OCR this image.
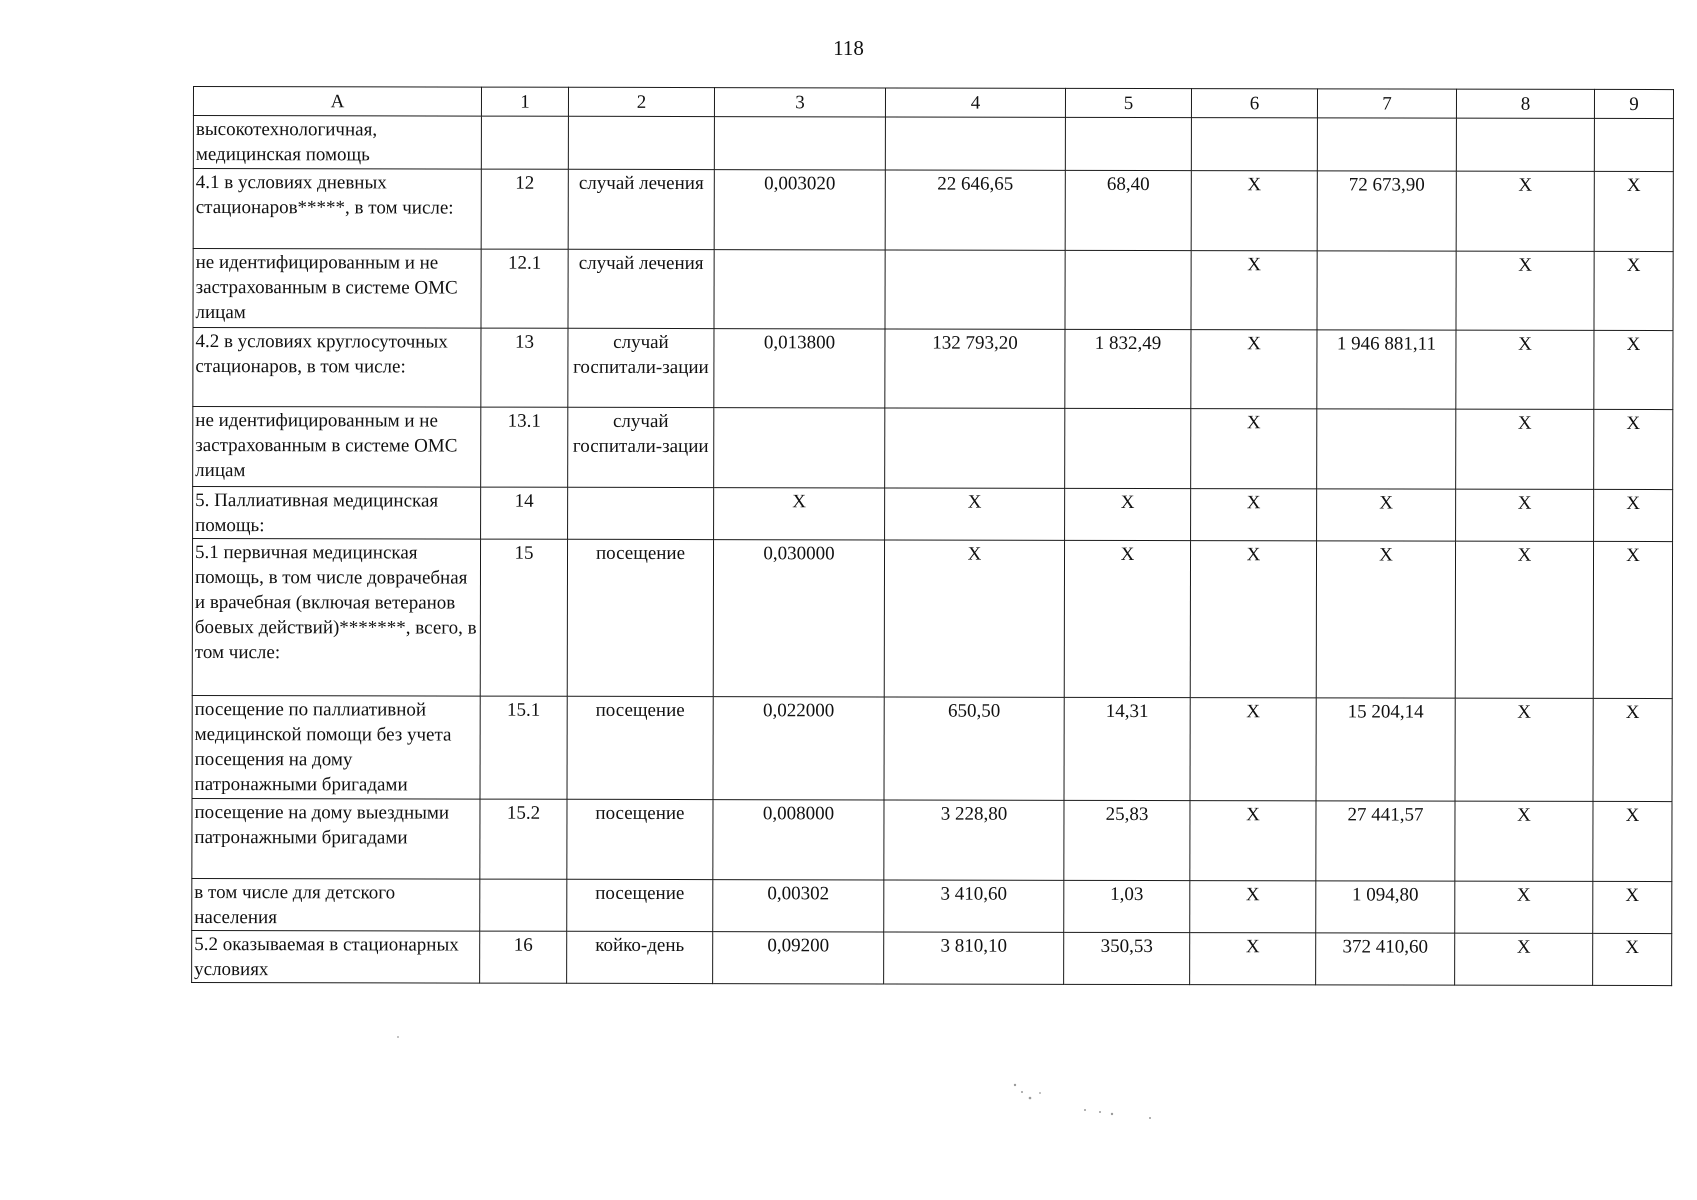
118
А	1	2	3	4	5	6	7	8	9
высокотехнологичная, медицинская помощь									
4.1 в условиях дневных стационаров*****, в том числе:	12	случай лечения	0,003020	22 646,65	68,40	Х	72 673,90	Х	Х
не идентифицированным и не застрахованным в системе ОМС лицам	12.1	случай лечения				Х		Х	Х
4.2 в условиях круглосуточных стационаров, в том числе:	13	случай госпитали-зации	0,013800	132 793,20	1 832,49	Х	1 946 881,11	Х	Х
не идентифицированным и не застрахованным в системе ОМС лицам	13.1	случай госпитали-зации				Х		Х	Х
5. Паллиативная медицинская помощь:	14		Х	Х	Х	Х	Х	Х	Х
5.1 первичная медицинская помощь, в том числе доврачебная и врачебная (включая ветеранов боевых действий)*******, всего, в том числе:	15	посещение	0,030000	Х	Х	Х	Х	Х	Х
посещение по паллиативной медицинской помощи без учета посещения на дому патронажными бригадами	15.1	посещение	0,022000	650,50	14,31	Х	15 204,14	Х	Х
посещение на дому выездными патронажными бригадами	15.2	посещение	0,008000	3 228,80	25,83	Х	27 441,57	Х	Х
в том числе для детского населения		посещение	0,00302	3 410,60	1,03	Х	1 094,80	Х	Х
5.2 оказываемая в стационарных условиях	16	койко-день	0,09200	3 810,10	350,53	Х	372 410,60	Х	Х
